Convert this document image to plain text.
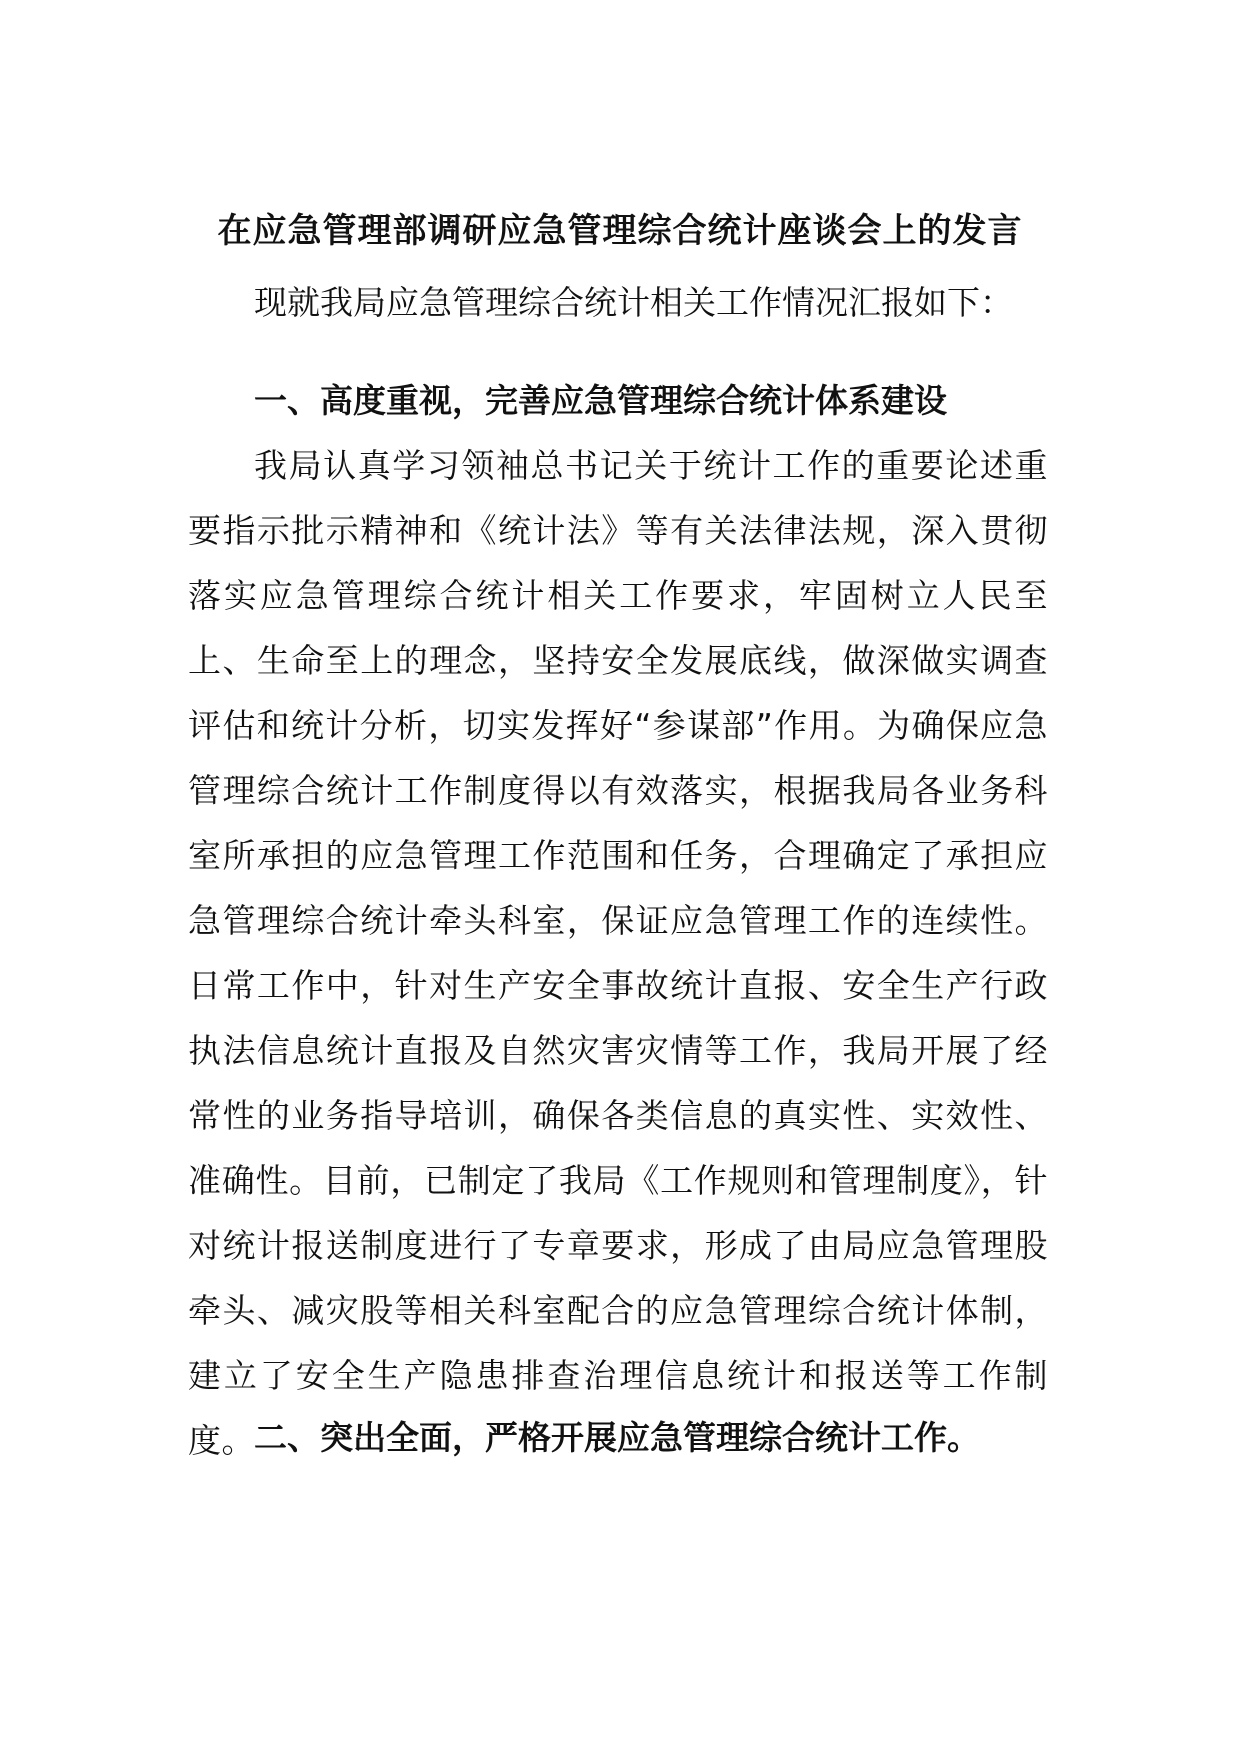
在应急管理部调研应急管理综合统计座谈会上的发言
现就我局应急管理综合统计相关工作情况汇报如下：
一、高度重视，完善应急管理综合统计体系建设
我局认真学习领袖总书记关于统计工作的重要论述重要指示批示精神和《统计法》等有关法律法规，深入贯彻落实应急管理综合统计相关工作要求，牢固树立人民至上、生命至上的理念，坚持安全发展底线，做深做实调查评估和统计分析，切实发挥好“参谋部”作用。为确保应急管理综合统计工作制度得以有效落实，根据我局各业务科室所承担的应急管理工作范围和任务，合理确定了承担应急管理综合统计牵头科室，保证应急管理工作的连续性。日常工作中，针对生产安全事故统计直报、安全生产行政执法信息统计直报及自然灾害灾情等工作，我局开展了经常性的业务指导培训，确保各类信息的真实性、实效性、准确性。目前，已制定了我局《工作规则和管理制度》，针对统计报送制度进行了专章要求，形成了由局应急管理股牵头、减灾股等相关科室配合的应急管理综合统计体制，建立了安全生产隐患排查治理信息统计和报送等工作制度。 二、突出全面，严格开展应急管理综合统计工作。
